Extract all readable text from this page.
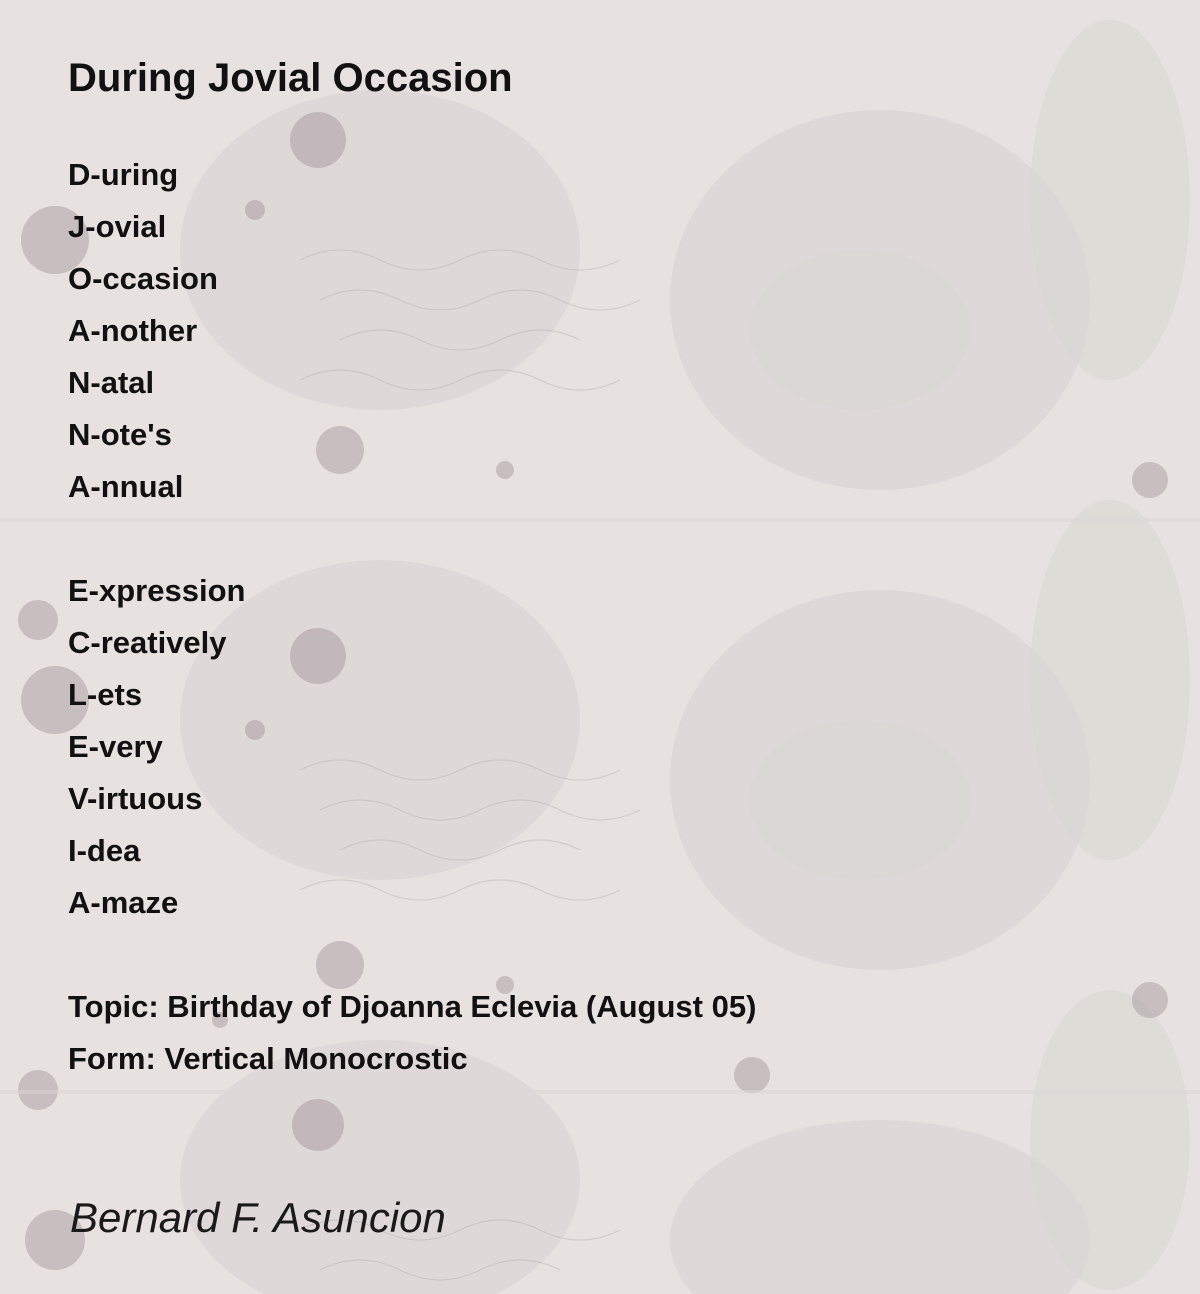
During Jovial Occasion
D-uring
J-ovial
O-ccasion
A-nother
N-atal
N-ote's
A-nnual
E-xpression
C-reatively
L-ets
E-very
V-irtuous
I-dea
A-maze
Topic: Birthday of Djoanna Eclevia (August 05)
Form: Vertical Monocrostic
Bernard F. Asuncion
